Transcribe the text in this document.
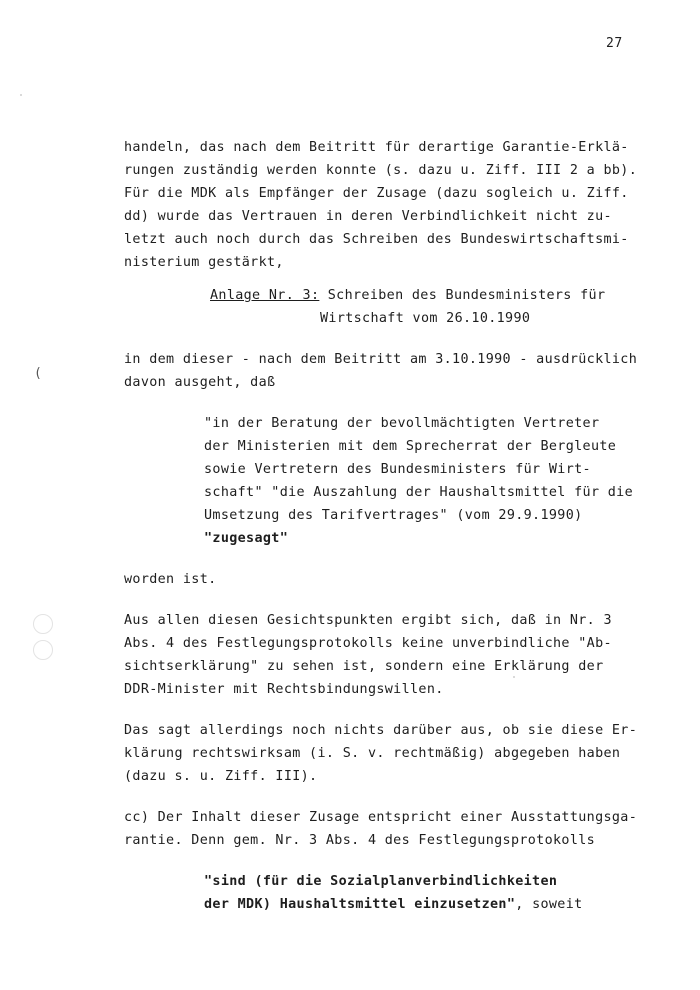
27
(
handeln, das nach dem Beitritt für derartige Garantie-Erklä-
rungen zuständig werden konnte (s. dazu u. Ziff. III 2 a bb).
Für die MDK als Empfänger der Zusage (dazu sogleich u. Ziff.
dd) wurde das Vertrauen in deren Verbindlichkeit nicht zu-
letzt auch noch durch das Schreiben des Bundeswirtschaftsmi-
nisterium gestärkt,
Anlage Nr. 3: Schreiben des Bundesministers für
Wirtschaft vom 26.10.1990
in dem dieser - nach dem Beitritt am 3.10.1990 - ausdrücklich
davon ausgeht, daß
"in der Beratung der bevollmächtigten Vertreter
der Ministerien mit dem Sprecherrat der Bergleute
sowie Vertretern des Bundesministers für Wirt-
schaft" "die Auszahlung der Haushaltsmittel für die
Umsetzung des Tarifvertrages" (vom 29.9.1990)
"zugesagt"
worden ist.
Aus allen diesen Gesichtspunkten ergibt sich, daß in Nr. 3
Abs. 4 des Festlegungsprotokolls keine unverbindliche "Ab-
sichtserklärung" zu sehen ist, sondern eine Erklärung der
DDR-Minister mit Rechtsbindungswillen.
Das sagt allerdings noch nichts darüber aus, ob sie diese Er-
klärung rechtswirksam (i. S. v. rechtmäßig) abgegeben haben
(dazu s. u. Ziff. III).
cc) Der Inhalt dieser Zusage entspricht einer Ausstattungsga-
rantie. Denn gem. Nr. 3 Abs. 4 des Festlegungsprotokolls
"sind (für die Sozialplanverbindlichkeiten
der MDK) Haushaltsmittel einzusetzen", soweit
